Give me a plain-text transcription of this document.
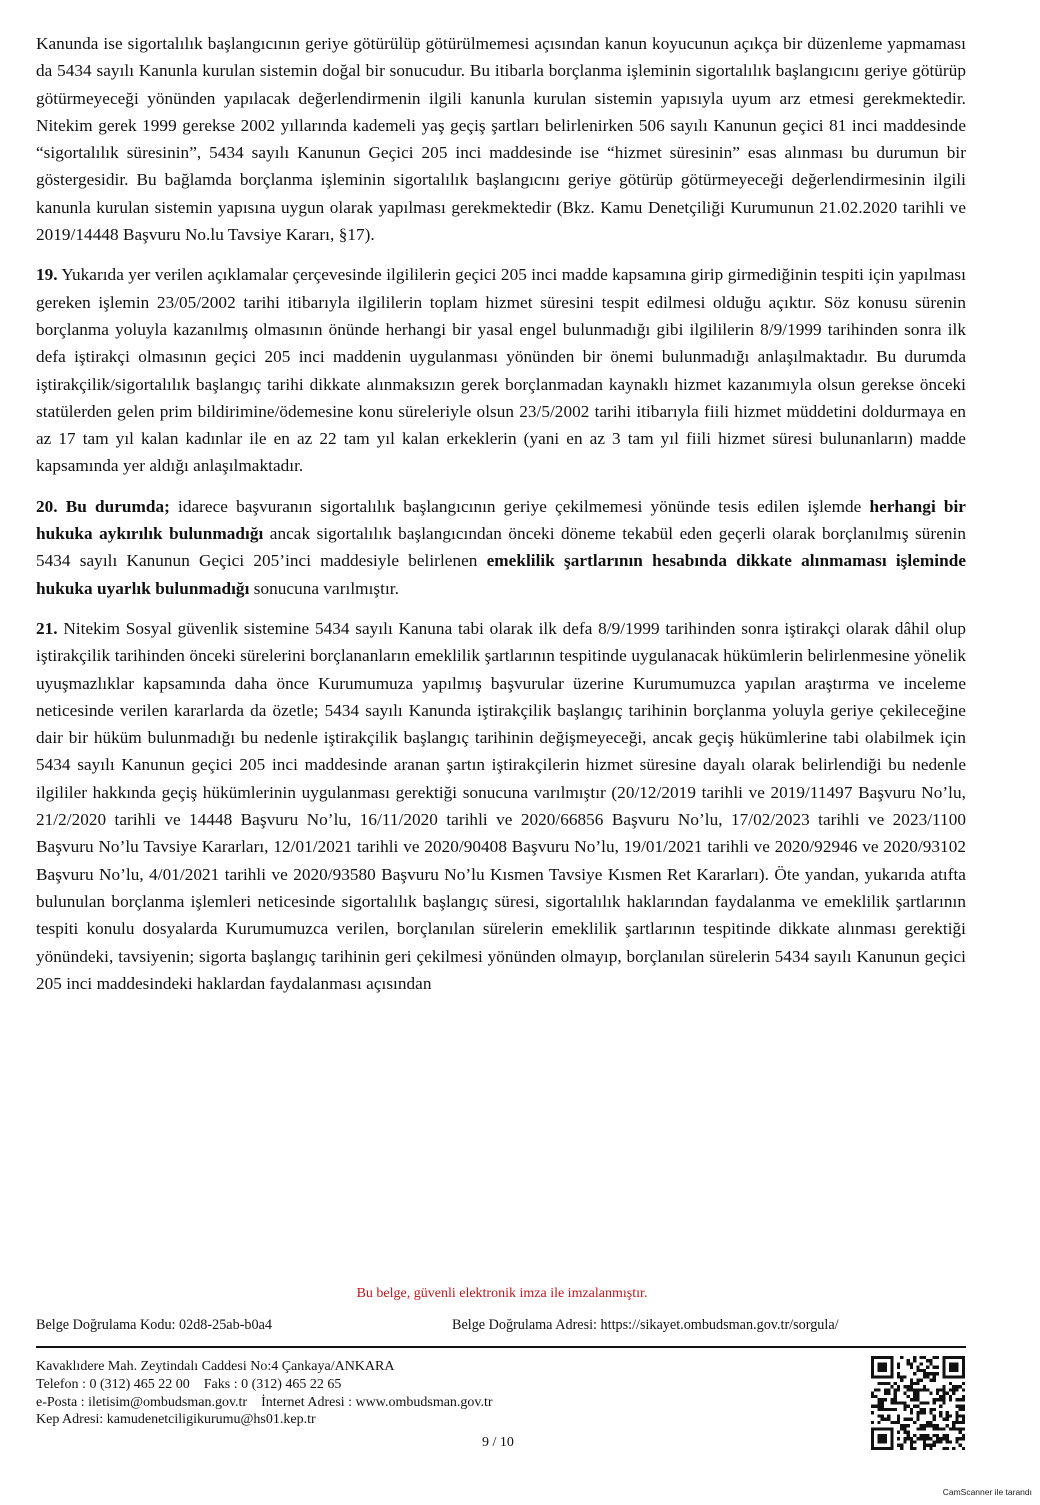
Kanunda ise sigortalılık başlangıcının geriye götürülüp götürülmemesi açısından kanun koyucunun açıkça bir düzenleme yapmaması da 5434 sayılı Kanunla kurulan sistemin doğal bir sonucudur. Bu itibarla borçlanma işleminin sigortalılık başlangıcını geriye götürüp götürmeyeceği yönünden yapılacak değerlendirmenin ilgili kanunla kurulan sistemin yapısıyla uyum arz etmesi gerekmektedir. Nitekim gerek 1999 gerekse 2002 yıllarında kademeli yaş geçiş şartları belirlenirken 506 sayılı Kanunun geçici 81 inci maddesinde “sigortalılık süresinin”, 5434 sayılı Kanunun Geçici 205 inci maddesinde ise “hizmet süresinin” esas alınması bu durumun bir göstergesidir. Bu bağlamda borçlanma işleminin sigortalılık başlangıcını geriye götürüp götürmeyeceği değerlendirmesinin ilgili kanunla kurulan sistemin yapısına uygun olarak yapılması gerekmektedir (Bkz. Kamu Denetçiliği Kurumunun 21.02.2020 tarihli ve 2019/14448 Başvuru No.lu Tavsiye Kararı, §17).

19. Yukarıda yer verilen açıklamalar çerçevesinde ilgililerin geçici 205 inci madde kapsamına girip girmediğinin tespiti için yapılması gereken işlemin 23/05/2002 tarihi itibarıyla ilgililerin toplam hizmet süresini tespit edilmesi olduğu açıktır. Söz konusu sürenin borçlanma yoluyla kazanılmış olmasının önünde herhangi bir yasal engel bulunmadığı gibi ilgililerin 8/9/1999 tarihinden sonra ilk defa iştirakçi olmasının geçici 205 inci maddenin uygulanması yönünden bir önemi bulunmadığı anlaşılmaktadır. Bu durumda iştirakçilik/sigortalılık başlangıç tarihi dikkate alınmaksızın gerek borçlanmadan kaynaklı hizmet kazanımıyla olsun gerekse önceki statülerden gelen prim bildirimine/ödemesine konu süreleriyle olsun 23/5/2002 tarihi itibarıyla fiili hizmet müddetini doldurmaya en az 17 tam yıl kalan kadınlar ile en az 22 tam yıl kalan erkeklerin (yani en az 3 tam yıl fiili hizmet süresi bulunanların) madde kapsamında yer aldığı anlaşılmaktadır.

20. Bu durumda; idarece başvuranın sigortalılık başlangıcının geriye çekilmemesi yönünde tesis edilen işlemde herhangi bir hukuka aykırılık bulunmadığı ancak sigortalılık başlangıcından önceki döneme tekabül eden geçerli olarak borçlanılmış sürenin 5434 sayılı Kanunun Geçici 205’inci maddesiyle belirlenen emeklilik şartlarının hesabında dikkate alınmaması işleminde hukuka uyarlık bulunmadığı sonucuna varılmıştır.

21. Nitekim Sosyal güvenlik sistemine 5434 sayılı Kanuna tabi olarak ilk defa 8/9/1999 tarihinden sonra iştirakçi olarak dâhil olup iştirakçilik tarihinden önceki sürelerini borçlananların emeklilik şartlarının tespitinde uygulanacak hükümlerin belirlenmesine yönelik uyuşmazlıklar kapsamında daha önce Kurumumuza yapılmış başvurular üzerine Kurumumuzca yapılan araştırma ve inceleme neticesinde verilen kararlarda da özetle; 5434 sayılı Kanunda iştirakçilik başlangıç tarihinin borçlanma yoluyla geriye çekileceğine dair bir hüküm bulunmadığı bu nedenle iştirakçilik başlangıç tarihinin değişmeyeceği, ancak geçiş hükümlerine tabi olabilmek için 5434 sayılı Kanunun geçici 205 inci maddesinde aranan şartın iştirakçilerin hizmet süresine dayalı olarak belirlendiği bu nedenle ilgililer hakkında geçiş hükümlerinin uygulanması gerektiği sonucuna varılmıştır (20/12/2019 tarihli ve 2019/11497 Başvuru No’lu, 21/2/2020 tarihli ve 14448 Başvuru No’lu, 16/11/2020 tarihli ve 2020/66856 Başvuru No’lu, 17/02/2023 tarihli ve 2023/1100 Başvuru No’lu Tavsiye Kararları, 12/01/2021 tarihli ve 2020/90408 Başvuru No’lu, 19/01/2021 tarihli ve 2020/92946 ve 2020/93102 Başvuru No’lu, 4/01/2021 tarihli ve 2020/93580 Başvuru No’lu Kısmen Tavsiye Kısmen Ret Kararları). Öte yandan, yukarıda atıfta bulunulan borçlanma işlemleri neticesinde sigortalılık başlangıç süresi, sigortalılık haklarından faydalanma ve emeklilik şartlarının tespiti konulu dosyalarda Kurumumuzca verilen, borçlanılan sürelerin emeklilik şartlarının tespitinde dikkate alınması gerektiği yönündeki, tavsiyenin; sigorta başlangıç tarihinin geri çekilmesi yönünden olmayıp, borçlanılan sürelerin 5434 sayılı Kanunun geçici 205 inci maddesindeki haklardan faydalanması açısından

Bu belge, güvenli elektronik imza ile imzalanmıştır.
Belge Doğrulama Kodu: 02d8-25ab-b0a4	Belge Doğrulama Adresi: https://sikayet.ombudsman.gov.tr/sorgula/
Kavaklıdere Mah. Zeytindalı Caddesi No:4 Çankaya/ANKARA
Telefon : 0 (312) 465 22 00    Faks : 0 (312) 465 22 65
e-Posta : iletisim@ombudsman.gov.tr    İnternet Adresi : www.ombudsman.gov.tr
Kep Adresi: kamudenetciligikurumu@hs01.kep.tr
9 / 10
CamScanner ile tarandı
